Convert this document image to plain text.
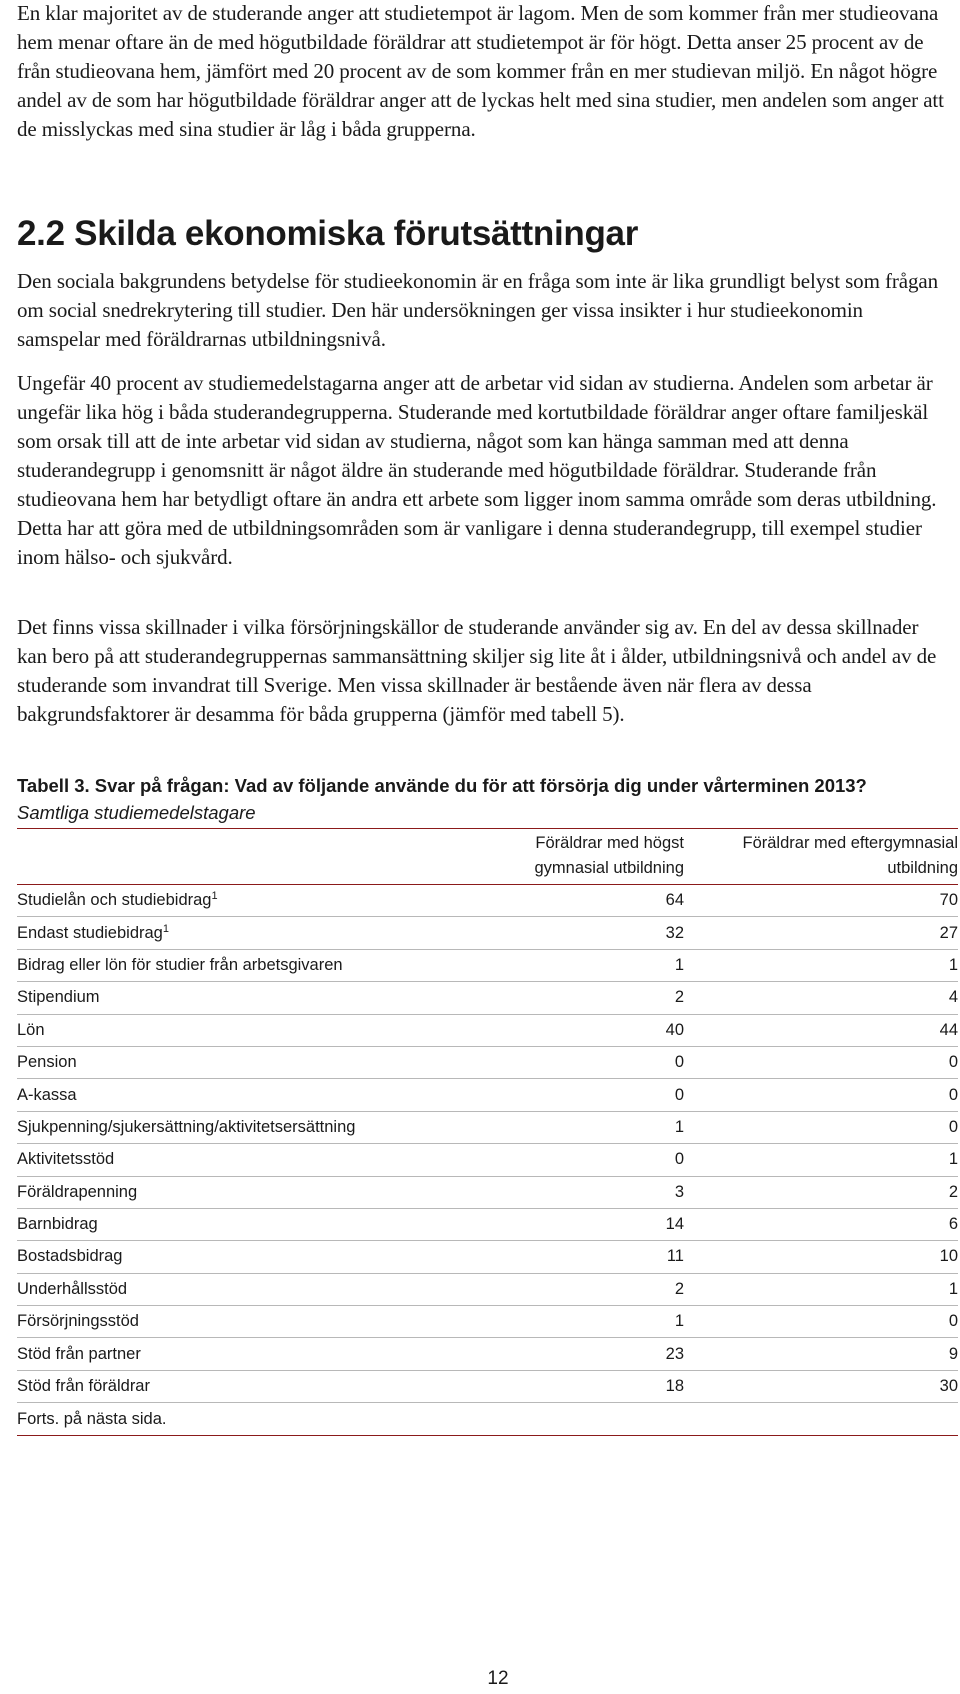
En klar majoritet av de studerande anger att studietempot är lagom. Men de som kommer från mer studieovana hem menar oftare än de med högutbildade föräldrar att studietempot är för högt. Detta anser 25 procent av de från studieovana hem, jämfört med 20 procent av de som kommer från en mer studievan miljö. En något högre andel av de som har högutbildade föräldrar anger att de lyckas helt med sina studier, men andelen som anger att de misslyckas med sina studier är låg i båda grupperna.

2.2 Skilda ekonomiska förutsättningar

Den sociala bakgrundens betydelse för studieekonomin är en fråga som inte är lika grundligt belyst som frågan om social snedrekrytering till studier. Den här undersökningen ger vissa insikter i hur studieekonomin samspelar med föräldrarnas utbildningsnivå.

Ungefär 40 procent av studiemedelstagarna anger att de arbetar vid sidan av studierna. Andelen som arbetar är ungefär lika hög i båda studerandegrupperna. Studerande med kortutbildade föräldrar anger oftare familjeskäl som orsak till att de inte arbetar vid sidan av studierna, något som kan hänga samman med att denna studerandegrupp i genomsnitt är något äldre än studerande med högutbildade föräldrar. Studerande från studieovana hem har betydligt oftare än andra ett arbete som ligger inom samma område som deras utbildning. Detta har att göra med de utbildningsområden som är vanligare i denna studerandegrupp, till exempel studier inom hälso- och sjukvård.

Det finns vissa skillnader i vilka försörjningskällor de studerande använder sig av. En del av dessa skillnader kan bero på att studerandegruppernas sammansättning skiljer sig lite åt i ålder, utbildningsnivå och andel av de studerande som invandrat till Sverige. Men vissa skillnader är bestående även när flera av dessa bakgrundsfaktorer är desamma för båda grupperna (jämför med tabell 5).

Tabell 3. Svar på frågan: Vad av följande använde du för att försörja dig under vårterminen 2013?
Samtliga studiemedelstagare
	Föräldrar med högst
gymnasial utbildning	Föräldrar med eftergymnasial
utbildning
Studielån och studiebidrag$^1$	64	70
Endast studiebidrag$^1$	32	27
Bidrag eller lön för studier från arbetsgivaren	1	1
Stipendium	2	4
Lön	40	44
Pension	0	0
A-kassa	0	0
Sjukpenning/sjukersättning/aktivitetsersättning	1	0
Aktivitetsstöd	0	1
Föräldrapenning	3	2
Barnbidrag	14	6
Bostadsbidrag	11	10
Underhållsstöd	2	1
Försörjningsstöd	1	0
Stöd från partner	23	9
Stöd från föräldrar	18	30
Forts. på nästa sida.		
12
